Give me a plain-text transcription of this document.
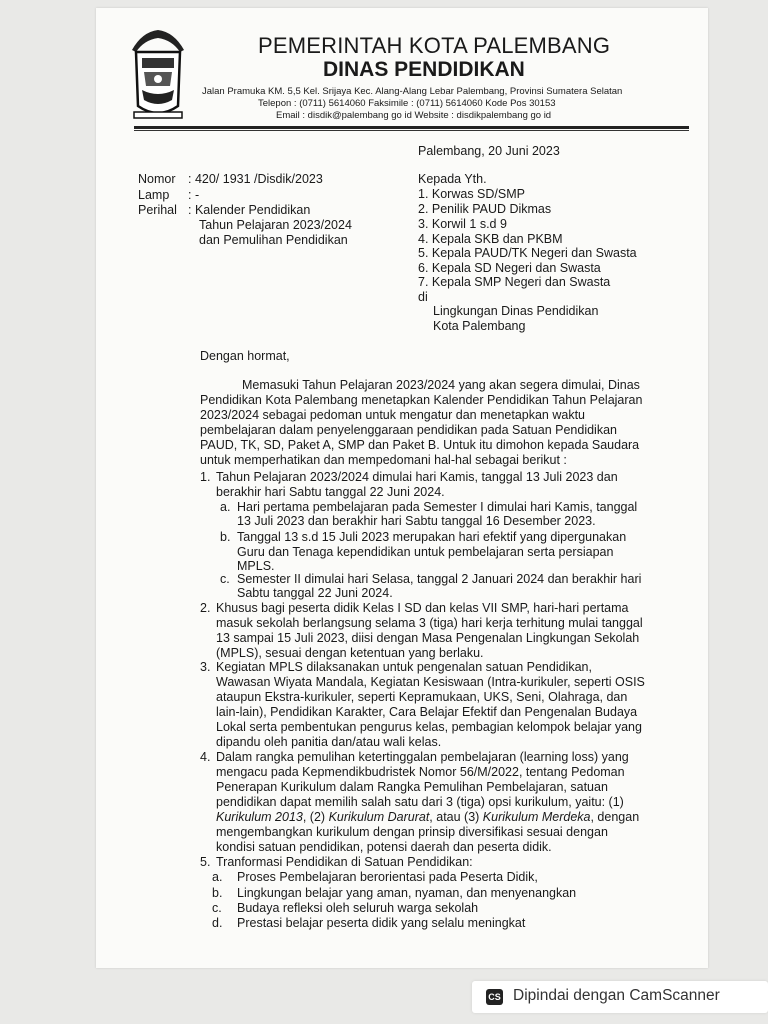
PEMERINTAH KOTA PALEMBANG
DINAS PENDIDIKAN
Jalan Pramuka KM. 5,5 Kel. Srijaya Kec. Alang-Alang Lebar Palembang, Provinsi Sumatera Selatan
Telepon : (0711) 5614060 Faksimile : (0711) 5614060 Kode Pos 30153
Email : disdik@palembang go id Website : disdikpalembang go id
Palembang, 20 Juni 2023
Nomor : 420/ 1931 /Disdik/2023
Lamp : -
Perihal : Kalender Pendidikan
Tahun Pelajaran 2023/2024
dan Pemulihan Pendidikan
Kepada Yth.
1. Korwas SD/SMP
2. Penilik PAUD Dikmas
3. Korwil 1 s.d 9
4. Kepala SKB dan PKBM
5. Kepala PAUD/TK Negeri dan Swasta
6. Kepala SD Negeri dan Swasta
7. Kepala SMP Negeri dan Swasta
di
Lingkungan Dinas Pendidikan
Kota Palembang
Dengan hormat,
Memasuki Tahun Pelajaran 2023/2024 yang akan segera dimulai, Dinas
Pendidikan Kota Palembang menetapkan Kalender Pendidikan Tahun Pelajaran
2023/2024 sebagai pedoman untuk mengatur dan menetapkan waktu
pembelajaran dalam penyelenggaraan pendidikan pada Satuan Pendidikan
PAUD, TK, SD, Paket A, SMP dan Paket B. Untuk itu dimohon kepada Saudara
untuk memperhatikan dan mempedomani hal-hal sebagai berikut :
1. Tahun Pelajaran 2023/2024 dimulai hari Kamis, tanggal 13 Juli 2023 dan
berakhir hari Sabtu tanggal 22 Juni 2024.
a. Hari pertama pembelajaran pada Semester I dimulai hari Kamis, tanggal
13 Juli 2023 dan berakhir hari Sabtu tanggal 16 Desember 2023.
b. Tanggal 13 s.d 15 Juli 2023 merupakan hari efektif yang dipergunakan
Guru dan Tenaga kependidikan untuk pembelajaran serta persiapan
MPLS.
c. Semester II dimulai hari Selasa, tanggal 2 Januari 2024 dan berakhir hari
Sabtu tanggal 22 Juni 2024.
2. Khusus bagi peserta didik Kelas I SD dan kelas VII SMP, hari-hari pertama
masuk sekolah berlangsung selama 3 (tiga) hari kerja terhitung mulai tanggal
13 sampai 15 Juli 2023, diisi dengan Masa Pengenalan Lingkungan Sekolah
(MPLS), sesuai dengan ketentuan yang berlaku.
3. Kegiatan MPLS dilaksanakan untuk pengenalan satuan Pendidikan,
Wawasan Wiyata Mandala, Kegiatan Kesiswaan (Intra-kurikuler, seperti OSIS
ataupun Ekstra-kurikuler, seperti Kepramukaan, UKS, Seni, Olahraga, dan
lain-lain), Pendidikan Karakter, Cara Belajar Efektif dan Pengenalan Budaya
Lokal serta pembentukan pengurus kelas, pembagian kelompok belajar yang
dipandu oleh panitia dan/atau wali kelas.
4. Dalam rangka pemulihan ketertinggalan pembelajaran (learning loss) yang
mengacu pada Kepmendikbudristek Nomor 56/M/2022, tentang Pedoman
Penerapan Kurikulum dalam Rangka Pemulihan Pembelajaran, satuan
pendidikan dapat memilih salah satu dari 3 (tiga) opsi kurikulum, yaitu: (1)
Kurikulum 2013, (2) Kurikulum Darurat, atau (3) Kurikulum Merdeka, dengan
mengembangkan kurikulum dengan prinsip diversifikasi sesuai dengan
kondisi satuan pendidikan, potensi daerah dan peserta didik.
5. Tranformasi Pendidikan di Satuan Pendidikan:
a. Proses Pembelajaran berorientasi pada Peserta Didik,
b. Lingkungan belajar yang aman, nyaman, dan menyenangkan
c. Budaya refleksi oleh seluruh warga sekolah
d. Prestasi belajar peserta didik yang selalu meningkat
CS Dipindai dengan CamScanner
